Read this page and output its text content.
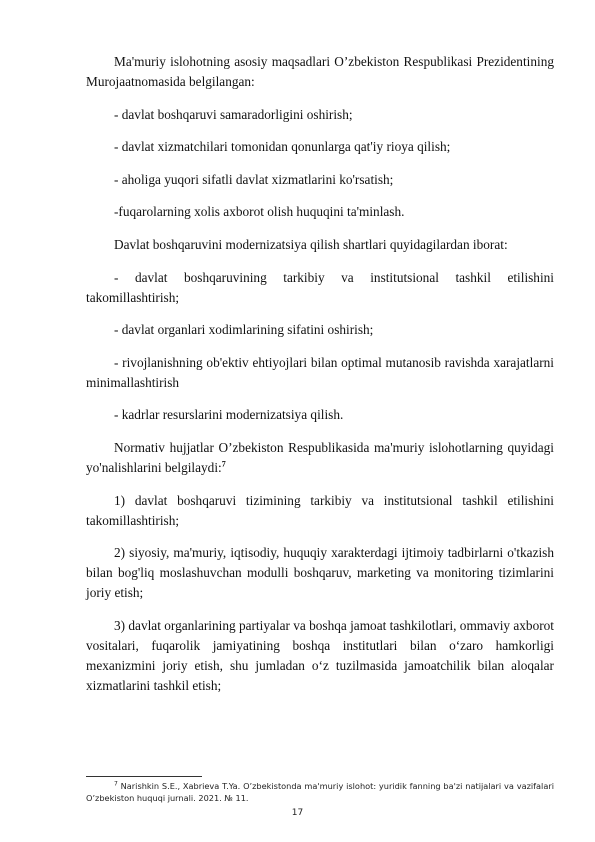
Ma'muriy islohotning asosiy maqsadlari O’zbekiston Respublikasi Prezidentining Murojaatnomasida belgilangan:

- davlat boshqaruvi samaradorligini oshirish;

- davlat xizmatchilari tomonidan qonunlarga qat'iy rioya qilish;

- aholiga yuqori sifatli davlat xizmatlarini ko'rsatish;

-fuqarolarning xolis axborot olish huquqini ta'minlash.

Davlat boshqaruvini modernizatsiya qilish shartlari quyidagilardan iborat:

- davlat boshqaruvining tarkibiy va institutsional tashkil etilishini takomillashtirish;

- davlat organlari xodimlarining sifatini oshirish;

- rivojlanishning ob'ektiv ehtiyojlari bilan optimal mutanosib ravishda xarajatlarni minimallashtirish

- kadrlar resurslarini modernizatsiya qilish.

Normativ hujjatlar O’zbekiston Respublikasida ma'muriy islohotlarning quyidagi yo'nalishlarini belgilaydi:$^7$

1) davlat boshqaruvi tizimining tarkibiy va institutsional tashkil etilishini takomillashtirish;

2) siyosiy, ma'muriy, iqtisodiy, huquqiy xarakterdagi ijtimoiy tadbirlarni o'tkazish bilan bog'liq moslashuvchan modulli boshqaruv, marketing va monitoring tizimlarini joriy etish;

3) davlat organlarining partiyalar va boshqa jamoat tashkilotlari, ommaviy axborot vositalari, fuqarolik jamiyatining boshqa institutlari bilan o‘zaro hamkorligi mexanizmini joriy etish, shu jumladan o‘z tuzilmasida jamoatchilik bilan aloqalar xizmatlarini tashkil etish;

$^7$ Narishkin S.E., Xabrieva T.Ya. O’zbekistonda ma'muriy islohot: yuridik fanning ba'zi natijalari va vazifalari O’zbekiston huquqi jurnali. 2021. № 11.
17
